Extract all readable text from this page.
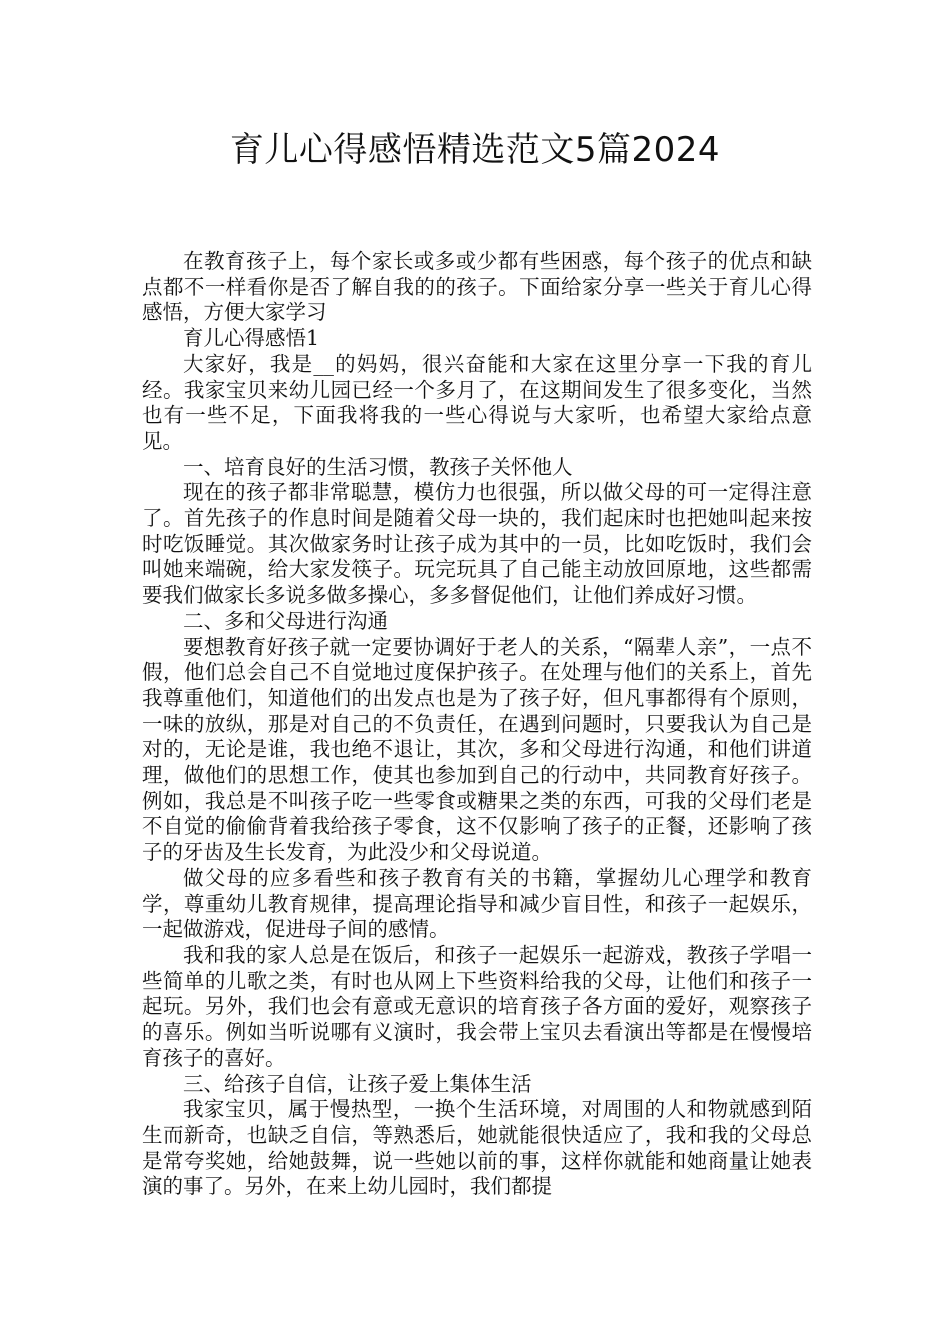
育儿心得感悟精选范文5篇2024

在教育孩子上，每个家长或多或少都有些困惑，每个孩子的优点和缺点都不一样看你是否了解自我的的孩子。下面给家分享一些关于育儿心得感悟，方便大家学习

育儿心得感悟1

大家好，我是__的妈妈，很兴奋能和大家在这里分享一下我的育儿经。我家宝贝来幼儿园已经一个多月了，在这期间发生了很多变化，当然也有一些不足，下面我将我的一些心得说与大家听，也希望大家给点意见。

一、培育良好的生活习惯，教孩子关怀他人

现在的孩子都非常聪慧，模仿力也很强，所以做父母的可一定得注意了。首先孩子的作息时间是随着父母一块的，我们起床时也把她叫起来按时吃饭睡觉。其次做家务时让孩子成为其中的一员，比如吃饭时，我们会叫她来端碗，给大家发筷子。玩完玩具了自己能主动放回原地，这些都需要我们做家长多说多做多操心，多多督促他们，让他们养成好习惯。

二、多和父母进行沟通

要想教育好孩子就一定要协调好于老人的关系，“隔辈人亲”，一点不假，他们总会自己不自觉地过度保护孩子。在处理与他们的关系上，首先我尊重他们，知道他们的出发点也是为了孩子好，但凡事都得有个原则，一味的放纵，那是对自己的不负责任，在遇到问题时，只要我认为自己是对的，无论是谁，我也绝不退让，其次，多和父母进行沟通，和他们讲道理，做他们的思想工作，使其也参加到自己的行动中，共同教育好孩子。例如，我总是不叫孩子吃一些零食或糖果之类的东西，可我的父母们老是不自觉的偷偷背着我给孩子零食，这不仅影响了孩子的正餐，还影响了孩子的牙齿及生长发育，为此没少和父母说道。

做父母的应多看些和孩子教育有关的书籍，掌握幼儿心理学和教育学，尊重幼儿教育规律，提高理论指导和减少盲目性，和孩子一起娱乐，一起做游戏，促进母子间的感情。

我和我的家人总是在饭后，和孩子一起娱乐一起游戏，教孩子学唱一些简单的儿歌之类，有时也从网上下些资料给我的父母，让他们和孩子一起玩。另外，我们也会有意或无意识的培育孩子各方面的爱好，观察孩子的喜乐。例如当听说哪有义演时，我会带上宝贝去看演出等都是在慢慢培育孩子的喜好。

三、给孩子自信，让孩子爱上集体生活

我家宝贝，属于慢热型，一换个生活环境，对周围的人和物就感到陌生而新奇，也缺乏自信，等熟悉后，她就能很快适应了，我和我的父母总是常夸奖她，给她鼓舞，说一些她以前的事，这样你就能和她商量让她表演的事了。另外，在来上幼儿园时，我们都提
